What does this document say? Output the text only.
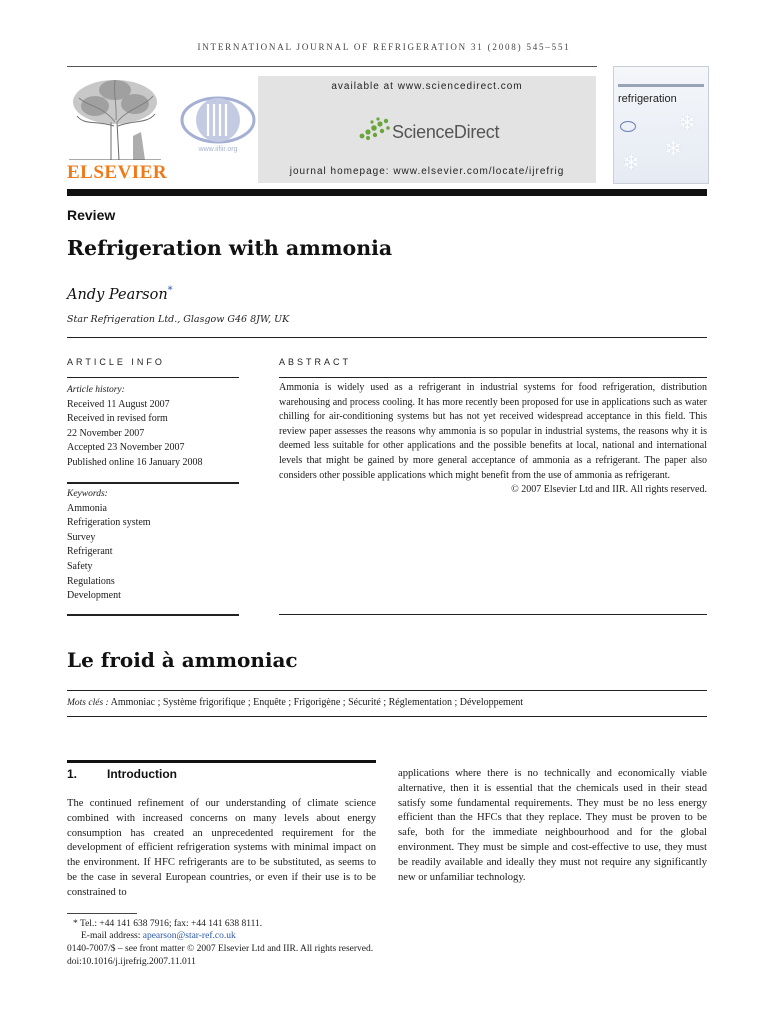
INTERNATIONAL JOURNAL OF REFRIGERATION 31 (2008) 545–551
ELSEVIER
www.iifiir.org
available at www.sciencedirect.com
ScienceDirect
journal homepage: www.elsevier.com/locate/ijrefrig
refrigeration
❄
❄
❄
Review
Refrigeration with ammonia
Andy Pearson*
Star Refrigeration Ltd., Glasgow G46 8JW, UK
ARTICLE INFO
Article history:
Received 11 August 2007
Received in revised form
22 November 2007
Accepted 23 November 2007
Published online 16 January 2008
Keywords:
Ammonia
Refrigeration system
Survey
Refrigerant
Safety
Regulations
Development
ABSTRACT
Ammonia is widely used as a refrigerant in industrial systems for food refrigeration, distribution warehousing and process cooling. It has more recently been proposed for use in applications such as water chilling for air-conditioning systems but has not yet received widespread acceptance in this field. This review paper assesses the reasons why ammonia is so popular in industrial systems, the reasons why it is deemed less suitable for other applications and the possible benefits at local, national and international levels that might be gained by more general acceptance of ammonia as a refrigerant. The paper also considers other possible applications which might benefit from the use of ammonia as refrigerant.
© 2007 Elsevier Ltd and IIR. All rights reserved.
Le froid à ammoniac
Mots clés : Ammoniac ; Système frigorifique ; Enquête ; Frigorigène ; Sécurité ; Réglementation ; Développement
1. Introduction
The continued refinement of our understanding of climate science combined with increased concerns on many levels about energy consumption has created an unprecedented requirement for the development of efficient refrigeration systems with minimal impact on the environment. If HFC refrigerants are to be substituted, as seems to be the case in several European countries, or even if their use is to be constrained to
applications where there is no technically and economically viable alternative, then it is essential that the chemicals used in their stead satisfy some fundamental requirements. They must be no less energy efficient than the HFCs that they replace. They must be proven to be safe, both for the immediate neighbourhood and for the global environment. They must be simple and cost-effective to use, they must be readily available and ideally they must not require any significantly new or unfamiliar technology.
* Tel.: +44 141 638 7916; fax: +44 141 638 8111.
E-mail address: apearson@star-ref.co.uk
0140-7007/$ – see front matter © 2007 Elsevier Ltd and IIR. All rights reserved.
doi:10.1016/j.ijrefrig.2007.11.011
